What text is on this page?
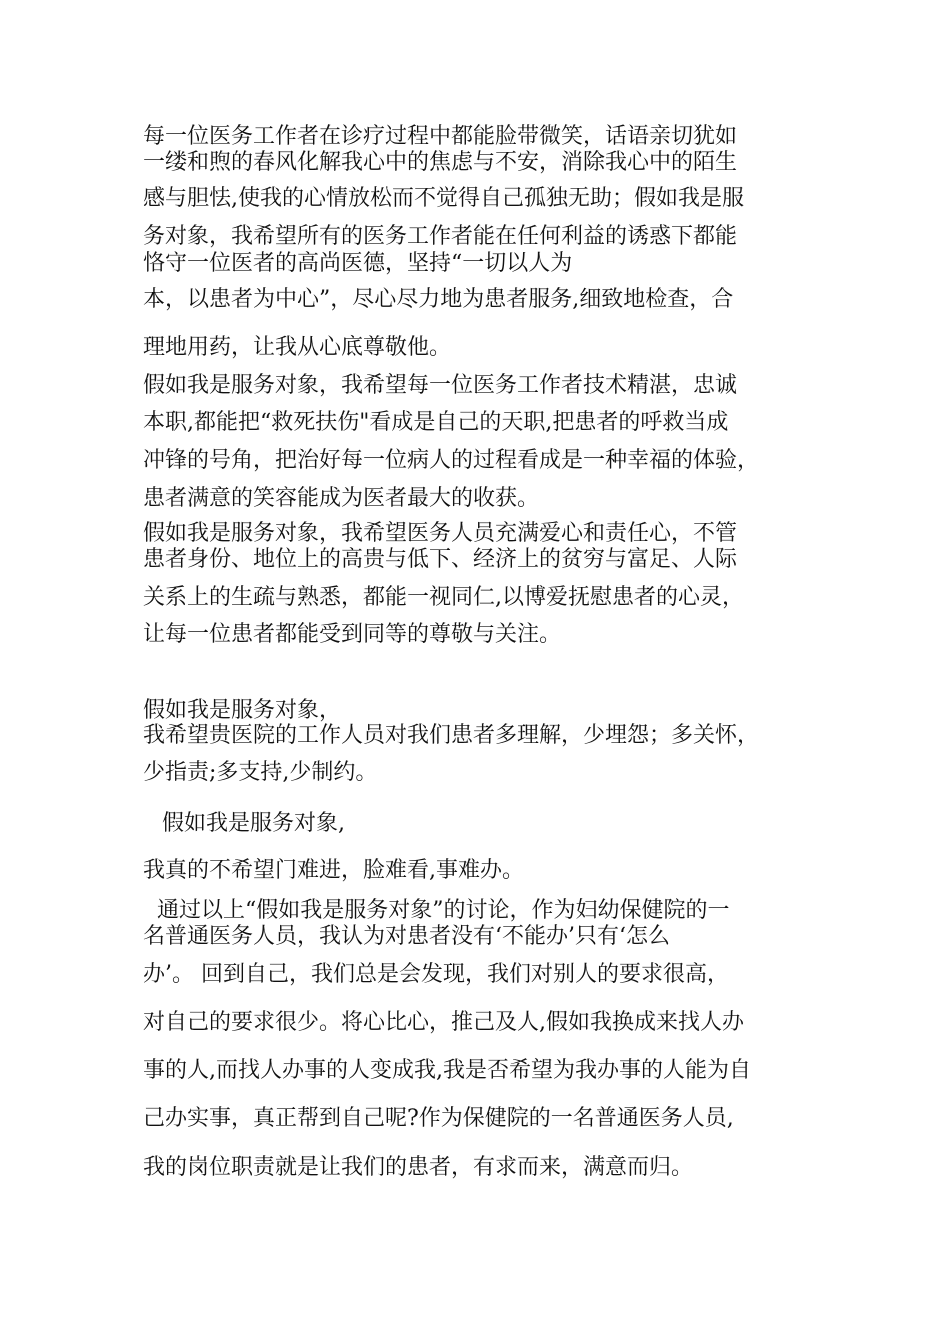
每一位医务工作者在诊疗过程中都能脸带微笑，话语亲切犹如
一缕和煦的春风化解我心中的焦虑与不安，消除我心中的陌生
感与胆怯,使我的心情放松而不觉得自己孤独无助；假如我是服
务对象，我希望所有的医务工作者能在任何利益的诱惑下都能
恪守一位医者的高尚医德，坚持“一切以人为
本，以患者为中心”，尽心尽力地为患者服务,细致地检查，合
理地用药，让我从心底尊敬他。
假如我是服务对象，我希望每一位医务工作者技术精湛，忠诚
本职,都能把“救死扶伤"看成是自己的天职,把患者的呼救当成
冲锋的号角，把治好每一位病人的过程看成是一种幸福的体验，
患者满意的笑容能成为医者最大的收获。
假如我是服务对象，我希望医务人员充满爱心和责任心，不管
患者身份、地位上的高贵与低下、经济上的贫穷与富足、人际
关系上的生疏与熟悉，都能一视同仁,以博爱抚慰患者的心灵，
让每一位患者都能受到同等的尊敬与关注。
假如我是服务对象，
我希望贵医院的工作人员对我们患者多理解，少埋怨；多关怀，
少指责;多支持,少制约。
假如我是服务对象,
我真的不希望门难进，脸难看,事难办。
通过以上“假如我是服务对象”的讨论，作为妇幼保健院的一
名普通医务人员，我认为对患者没有‘不能办’只有‘怎么
办’。 回到自己，我们总是会发现，我们对别人的要求很高，
对自己的要求很少。将心比心，推己及人,假如我换成来找人办
事的人,而找人办事的人变成我,我是否希望为我办事的人能为自
己办实事，真正帮到自己呢?作为保健院的一名普通医务人员,
我的岗位职责就是让我们的患者，有求而来，满意而归。
